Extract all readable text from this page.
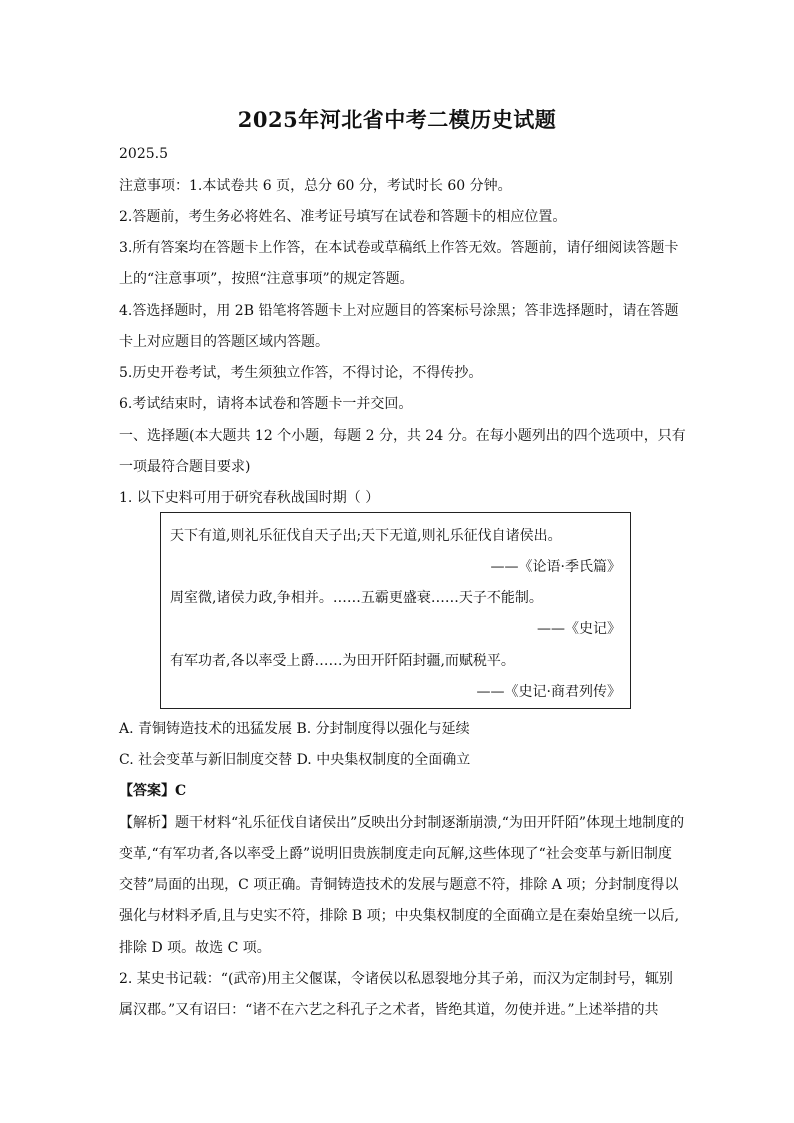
2025年河北省中考二模历史试题
2025.5
注意事项：1.本试卷共 6 页，总分 60 分，考试时长 60 分钟。
2.答题前，考生务必将姓名、准考证号填写在试卷和答题卡的相应位置。
3.所有答案均在答题卡上作答，在本试卷或草稿纸上作答无效。答题前，请仔细阅读答题卡
上的“注意事项”，按照“注意事项”的规定答题。
4.答选择题时，用 2B 铅笔将答题卡上对应题目的答案标号涂黑；答非选择题时，请在答题
卡上对应题目的答题区域内答题。
5.历史开卷考试，考生须独立作答，不得讨论，不得传抄。
6.考试结束时，请将本试卷和答题卡一并交回。
一、选择题(本大题共 12 个小题，每题 2 分，共 24 分。在每小题列出的四个选项中，只有
一项最符合题目要求)
1. 以下史料可用于研究春秋战国时期（ ）
天下有道,则礼乐征伐自天子出;天下无道,则礼乐征伐自诸侯出。
——《论语·季氏篇》
周室微,诸侯力政,争相并。……五霸更盛衰……天子不能制。
——《史记》
有军功者,各以率受上爵……为田开阡陌封疆,而赋税平。
——《史记·商君列传》
A. 青铜铸造技术的迅猛发展 B. 分封制度得以强化与延续
C. 社会变革与新旧制度交替 D. 中央集权制度的全面确立
【答案】C
【解析】题干材料“礼乐征伐自诸侯出”反映出分封制逐渐崩溃,“为田开阡陌”体现土地制度的
变革,“有军功者,各以率受上爵”说明旧贵族制度走向瓦解,这些体现了“社会变革与新旧制度
交替”局面的出现，C 项正确。青铜铸造技术的发展与题意不符，排除 A 项；分封制度得以
强化与材料矛盾,且与史实不符，排除 B 项；中央集权制度的全面确立是在秦始皇统一以后,
排除 D 项。故选 C 项。
2. 某史书记载：“(武帝)用主父偃谋，令诸侯以私恩裂地分其子弟，而汉为定制封号，辄别
属汉郡。”又有诏曰：“诸不在六艺之科孔子之术者，皆绝其道，勿使并进。”上述举措的共
